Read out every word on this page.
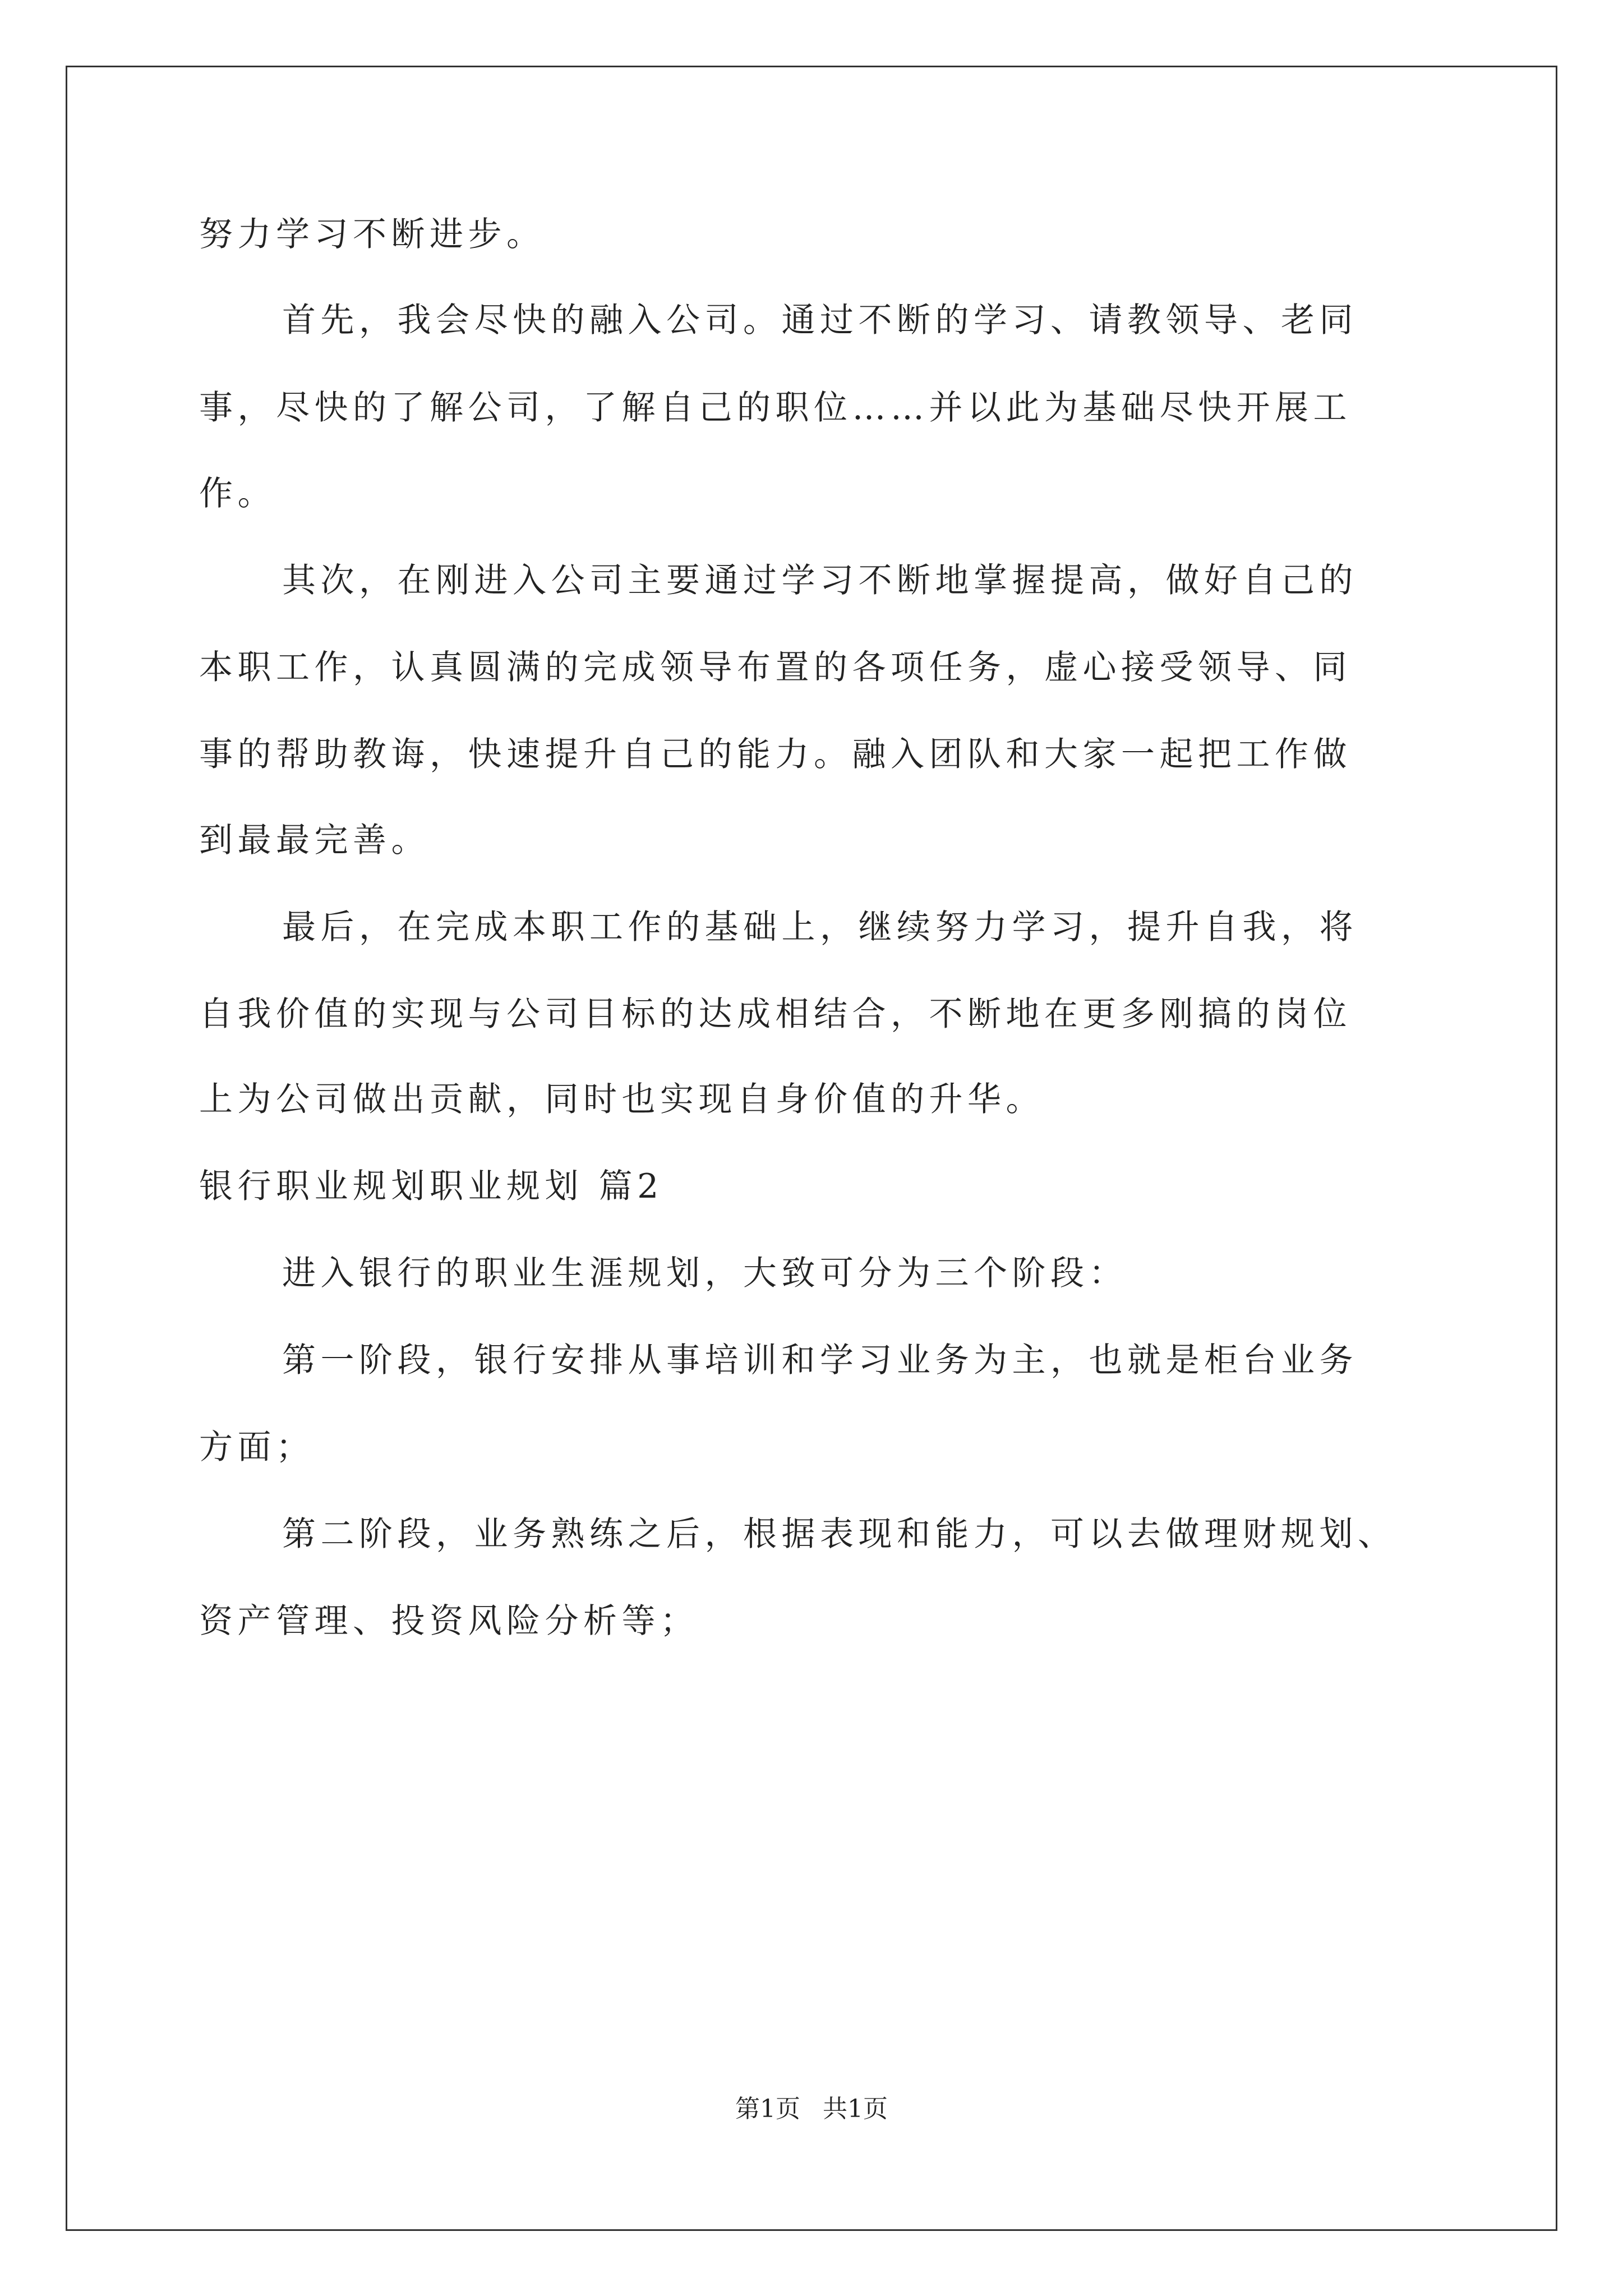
努力学习不断进步。
首先，我会尽快的融入公司。通过不断的学习、请教领导、老同
事，尽快的了解公司，了解自己的职位……并以此为基础尽快开展工
作。
其次，在刚进入公司主要通过学习不断地掌握提高，做好自己的
本职工作，认真圆满的完成领导布置的各项任务，虚心接受领导、同
事的帮助教诲，快速提升自己的能力。融入团队和大家一起把工作做
到最最完善。
最后，在完成本职工作的基础上，继续努力学习，提升自我，将
自我价值的实现与公司目标的达成相结合，不断地在更多刚搞的岗位
上为公司做出贡献，同时也实现自身价值的升华。
银行职业规划职业规划 篇2
进入银行的职业生涯规划，大致可分为三个阶段：
第一阶段，银行安排从事培训和学习业务为主，也就是柜台业务
方面；
第二阶段，业务熟练之后，根据表现和能力，可以去做理财规划、
资产管理、投资风险分析等；
第1页 共1页
